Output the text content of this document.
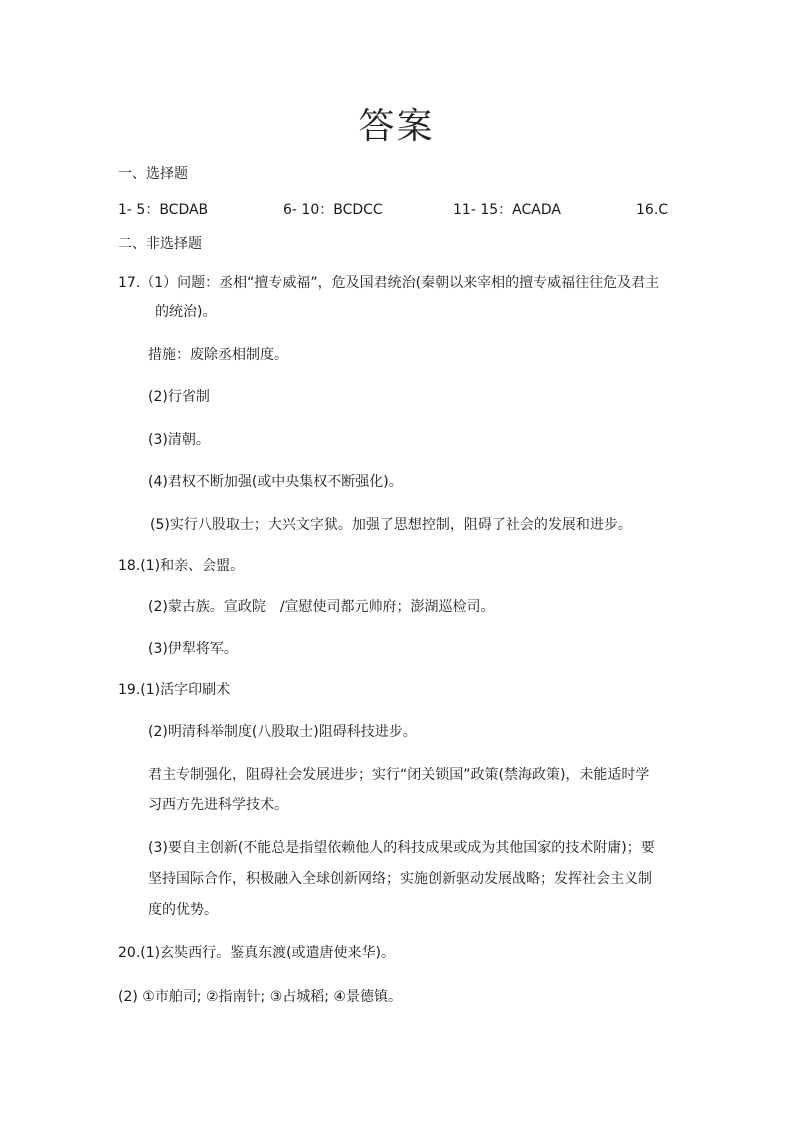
答案
一、选择题
1- 5：BCDAB	6- 10：BCDCC	11- 15：ACADA	16.C
二、非选择题
17.（1）问题：丞相“擅专威福”，危及国君统治(秦朝以来宰相的擅专威福往往危及君主
的统治)。
措施：废除丞相制度。
(2)行省制
(3)清朝。
(4)君权不断加强(或中央集权不断强化)。
(5)实行八股取士；大兴文字狱。加强了思想控制，阻碍了社会的发展和进步。
18.(1)和亲、会盟。
(2)蒙古族。宣政院　/宣慰使司都元帅府；澎湖巡检司。
(3)伊犁将军。
19.(1)活字印刷术
(2)明清科举制度(八股取士)阻碍科技进步。
君主专制强化，阻碍社会发展进步；实行“闭关锁国”政策(禁海政策)，未能适时学
习西方先进科学技术。
(3)要自主创新(不能总是指望依赖他人的科技成果或成为其他国家的技术附庸)；要
坚持国际合作，积极融入全球创新网络；实施创新驱动发展战略；发挥社会主义制
度的优势。
20.(1)玄奘西行。鉴真东渡(或遣唐使来华)。
(2) ①市舶司; ②指南针; ③占城稻; ④景德镇。
